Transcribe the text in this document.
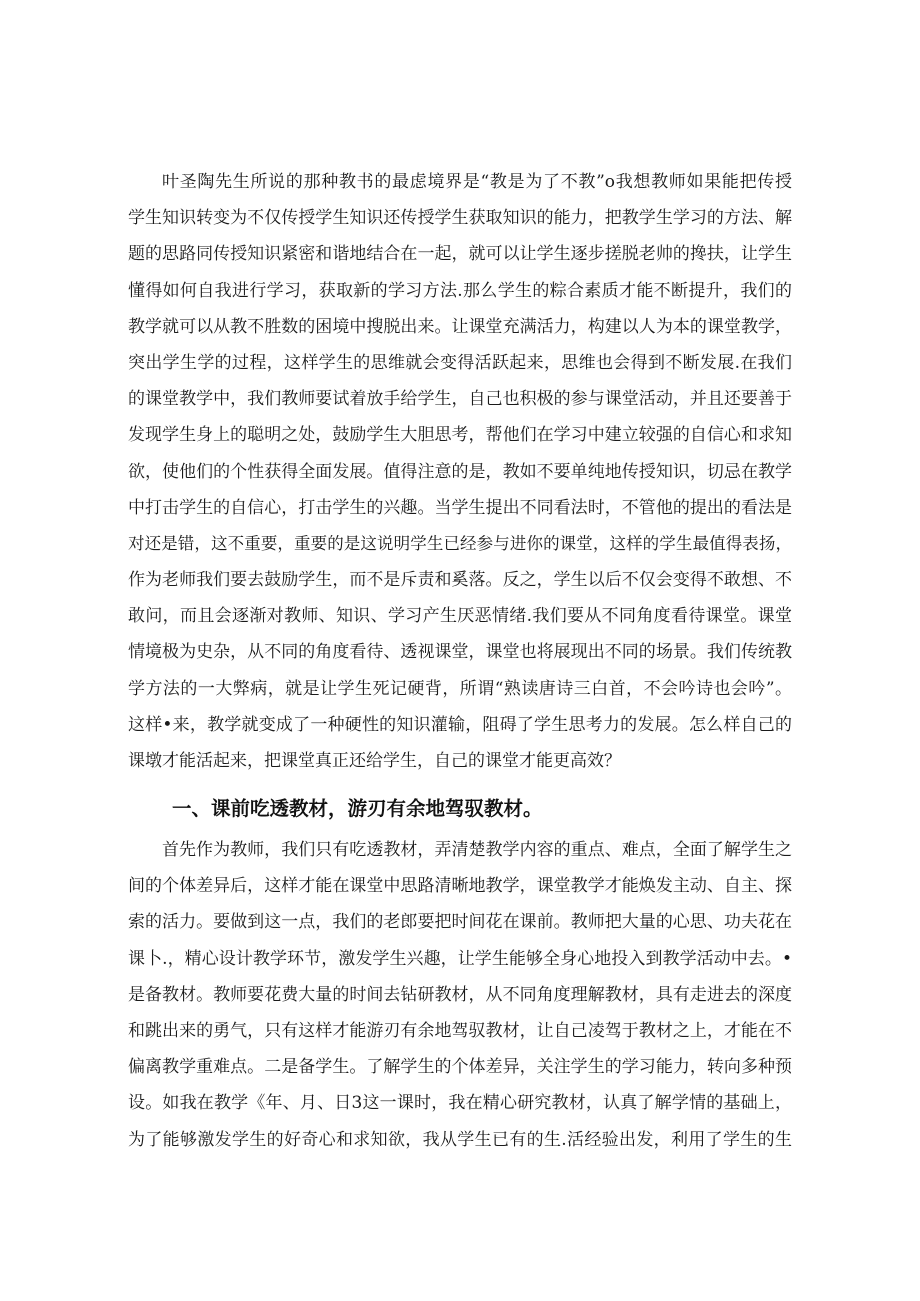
叶圣陶先生所说的那种教书的最虑境界是“教是为了不教”o我想教师如果能把传授
学生知识转变为不仅传授学生知识还传授学生获取知识的能力，把教学生学习的方法、解
题的思路同传授知识紧密和谐地结合在一起，就可以让学生逐步搓脱老帅的搀扶，让学生
懂得如何自我进行学习，获取新的学习方法.那么学生的粽合素质才能不断提升，我们的
教学就可以从教不胜数的困境中搜脱出来。让课堂充满活力，构建以人为本的课堂教学，
突出学生学的过程，这样学生的思维就会变得活跃起来，思维也会得到不断发展.在我们
的课堂教学中，我们教师要试着放手给学生，自己也积极的参与课堂活动，并且还要善于
发现学生身上的聪明之处，鼓励学生大胆思考，帮他们在学习中建立较强的自信心和求知
欲，使他们的个性获得全面发展。值得注意的是，教如不要单纯地传授知识，切忌在教学
中打击学生的自信心，打击学生的兴趣。当学生提出不同看法时，不管他的提出的看法是
对还是错，这不重要，重要的是这说明学生已经参与进你的课堂，这样的学生最值得表扬，
作为老师我们要去鼓励学生，而不是斥责和奚落。反之，学生以后不仅会变得不敢想、不
敢问，而且会逐渐对教师、知识、学习产生厌恶情绪.我们要从不同角度看待课堂。课堂
情境极为史杂，从不同的角度看待、透视课堂，课堂也将展现出不同的场景。我们传统教
学方法的一大弊病，就是让学生死记硬背，所谓“熟读唐诗三白首，不会吟诗也会吟”。
这样•来，教学就变成了一种硬性的知识灌输，阻碍了学生思考力的发展。怎么样自己的
课墩才能活起来，把课堂真正还给学生，自己的课堂才能更高效？
一、课前吃透教材，游刃有余地驾驭教材。
首先作为教师，我们只有吃透教材，弄清楚教学内容的重点、难点，全面了解学生之
间的个体差异后，这样才能在课堂中思路清晰地教学，课堂教学才能焕发主动、自主、探
索的活力。要做到这一点，我们的老郎要把时间花在课前。教师把大量的心思、功夫花在
课卜.，精心设计教学环节，激发学生兴趣，让学生能够全身心地投入到教学活动中去。•
是备教材。教师要花费大量的时间去钻研教材，从不同角度理解教材，具有走进去的深度
和跳出来的勇气，只有这样才能游刃有余地驾驭教材，让自己凌驾于教材之上，才能在不
偏离教学重难点。二是备学生。了解学生的个体差异，关注学生的学习能力，转向多种预
设。如我在教学《年、月、日3这一课时，我在精心研究教材，认真了解学情的基础上，
为了能够激发学生的好奇心和求知欲，我从学生已有的生.活经验出发，利用了学生的生
